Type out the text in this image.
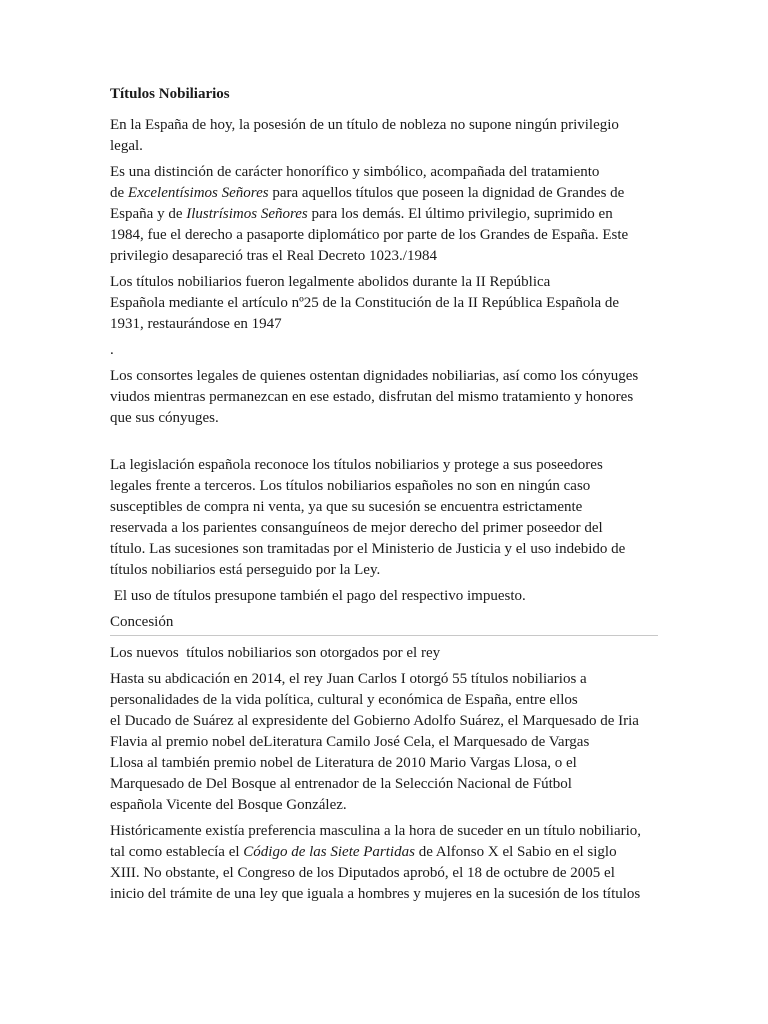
Títulos Nobiliarios
En la España de hoy, la posesión de un título de nobleza no supone ningún privilegio
legal.
Es una distinción de carácter honorífico y simbólico, acompañada del tratamiento
de Excelentísimos Señores para aquellos títulos que poseen la dignidad de Grandes de
España y de Ilustrísimos Señores para los demás. El último privilegio, suprimido en
1984, fue el derecho a pasaporte diplomático por parte de los Grandes de España. Este
privilegio desapareció tras el Real Decreto 1023./1984
Los títulos nobiliarios fueron legalmente abolidos durante la II República
Española mediante el artículo nº25 de la Constitución de la II República Española de
1931, restaurándose en 1947
.
Los consortes legales de quienes ostentan dignidades nobiliarias, así como los cónyuges
viudos mientras permanezcan en ese estado, disfrutan del mismo tratamiento y honores
que sus cónyuges.
La legislación española reconoce los títulos nobiliarios y protege a sus poseedores
legales frente a terceros. Los títulos nobiliarios españoles no son en ningún caso
susceptibles de compra ni venta, ya que su sucesión se encuentra estrictamente
reservada a los parientes consanguíneos de mejor derecho del primer poseedor del
título. Las sucesiones son tramitadas por el Ministerio de Justicia y el uso indebido de
títulos nobiliarios está perseguido por la Ley.
El uso de títulos presupone también el pago del respectivo impuesto.
Concesión
Los nuevos  títulos nobiliarios son otorgados por el rey
Hasta su abdicación en 2014, el rey Juan Carlos I otorgó 55 títulos nobiliarios a
personalidades de la vida política, cultural y económica de España, entre ellos
el Ducado de Suárez al expresidente del Gobierno Adolfo Suárez, el Marquesado de Iria
Flavia al premio nobel deLiteratura Camilo José Cela, el Marquesado de Vargas
Llosa al también premio nobel de Literatura de 2010 Mario Vargas Llosa, o el
Marquesado de Del Bosque al entrenador de la Selección Nacional de Fútbol
española Vicente del Bosque González.
Históricamente existía preferencia masculina a la hora de suceder en un título nobiliario,
tal como establecía el Código de las Siete Partidas de Alfonso X el Sabio en el siglo
XIII. No obstante, el Congreso de los Diputados aprobó, el 18 de octubre de 2005 el
inicio del trámite de una ley que iguala a hombres y mujeres en la sucesión de los títulos
